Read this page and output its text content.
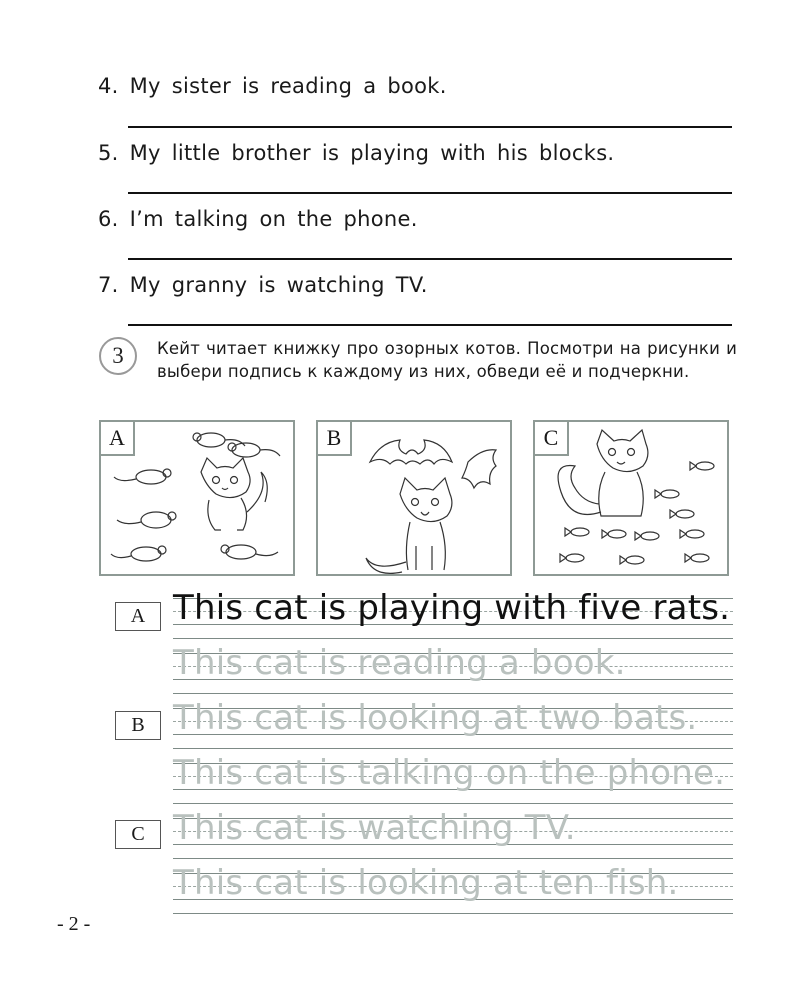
4. My sister is reading a book.
5. My little brother is playing with his blocks.
6. I’m talking on the phone.
7. My granny is watching TV.
3	Кейт читает книжку про озорных котов. Посмотри на рисунки и выбери подпись к каждому из них, обведи её и подчеркни.
A	B	C
A
B
C
This cat is playing with five rats.
This cat is reading a book.
This cat is looking at two bats.
This cat is talking on the phone.
This cat is watching TV.
This cat is looking at ten fish.
- 2 -
